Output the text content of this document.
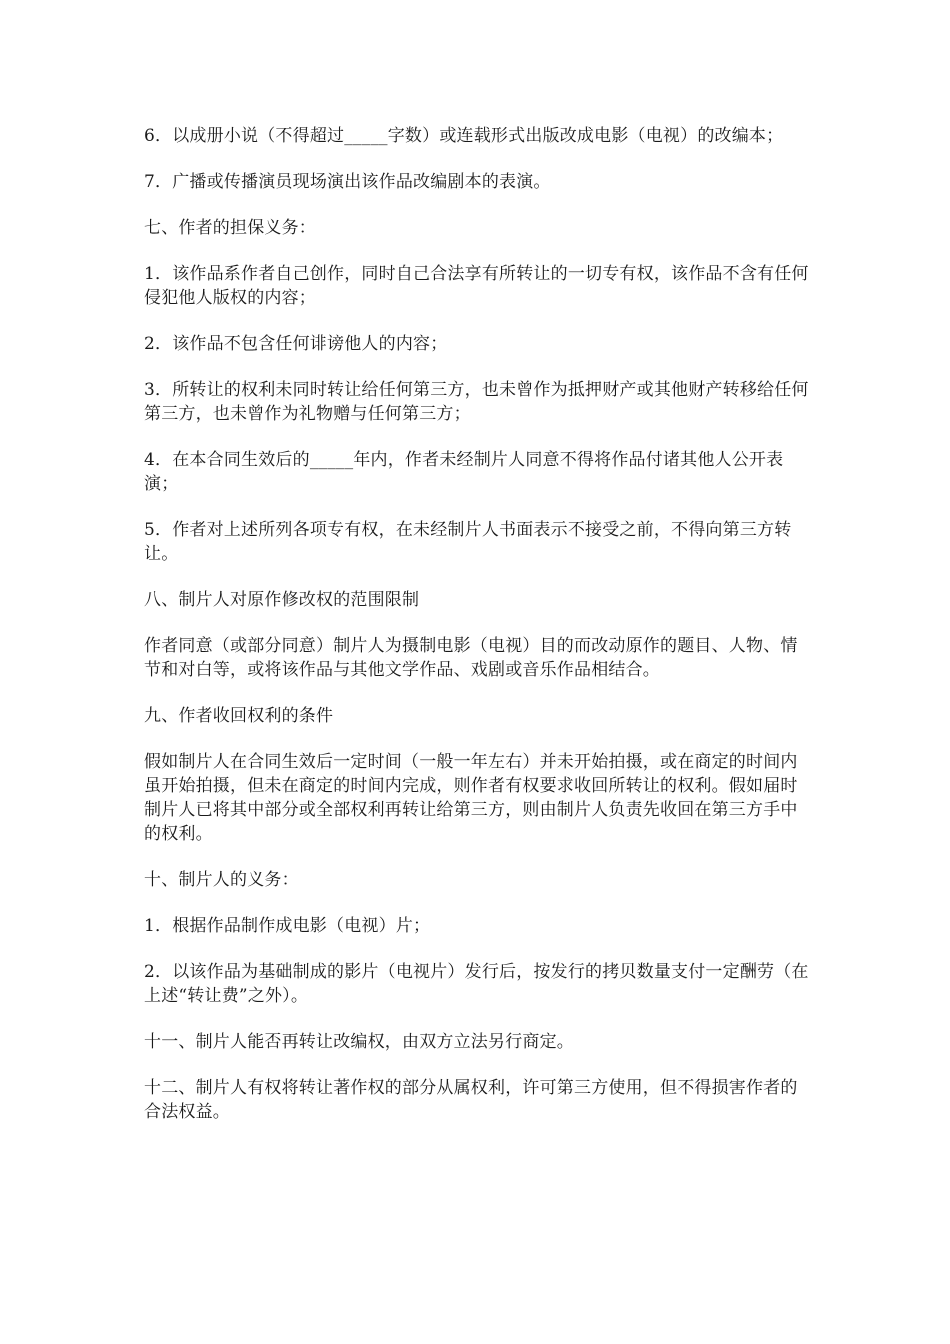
6．以成册小说（不得超过_____字数）或连载形式出版改成电影（电视）的改编本；

7．广播或传播演员现场演出该作品改编剧本的表演。

七、作者的担保义务：

1．该作品系作者自己创作，同时自己合法享有所转让的一切专有权，该作品不含有任何侵犯他人版权的内容；

2．该作品不包含任何诽谤他人的内容；

3．所转让的权利未同时转让给任何第三方，也未曾作为抵押财产或其他财产转移给任何第三方，也未曾作为礼物赠与任何第三方；

4．在本合同生效后的_____年内，作者未经制片人同意不得将作品付诸其他人公开表演；

5．作者对上述所列各项专有权，在未经制片人书面表示不接受之前，不得向第三方转让。

八、制片人对原作修改权的范围限制

作者同意（或部分同意）制片人为摄制电影（电视）目的而改动原作的题目、人物、情节和对白等，或将该作品与其他文学作品、戏剧或音乐作品相结合。

九、作者收回权利的条件

假如制片人在合同生效后一定时间（一般一年左右）并未开始拍摄，或在商定的时间内虽开始拍摄，但未在商定的时间内完成，则作者有权要求收回所转让的权利。假如届时制片人已将其中部分或全部权利再转让给第三方，则由制片人负责先收回在第三方手中的权利。

十、制片人的义务：

1．根据作品制作成电影（电视）片；

2．以该作品为基础制成的影片（电视片）发行后，按发行的拷贝数量支付一定酬劳（在上述“转让费”之外）。

十一、制片人能否再转让改编权，由双方立法另行商定。

十二、制片人有权将转让著作权的部分从属权利，许可第三方使用，但不得损害作者的合法权益。
